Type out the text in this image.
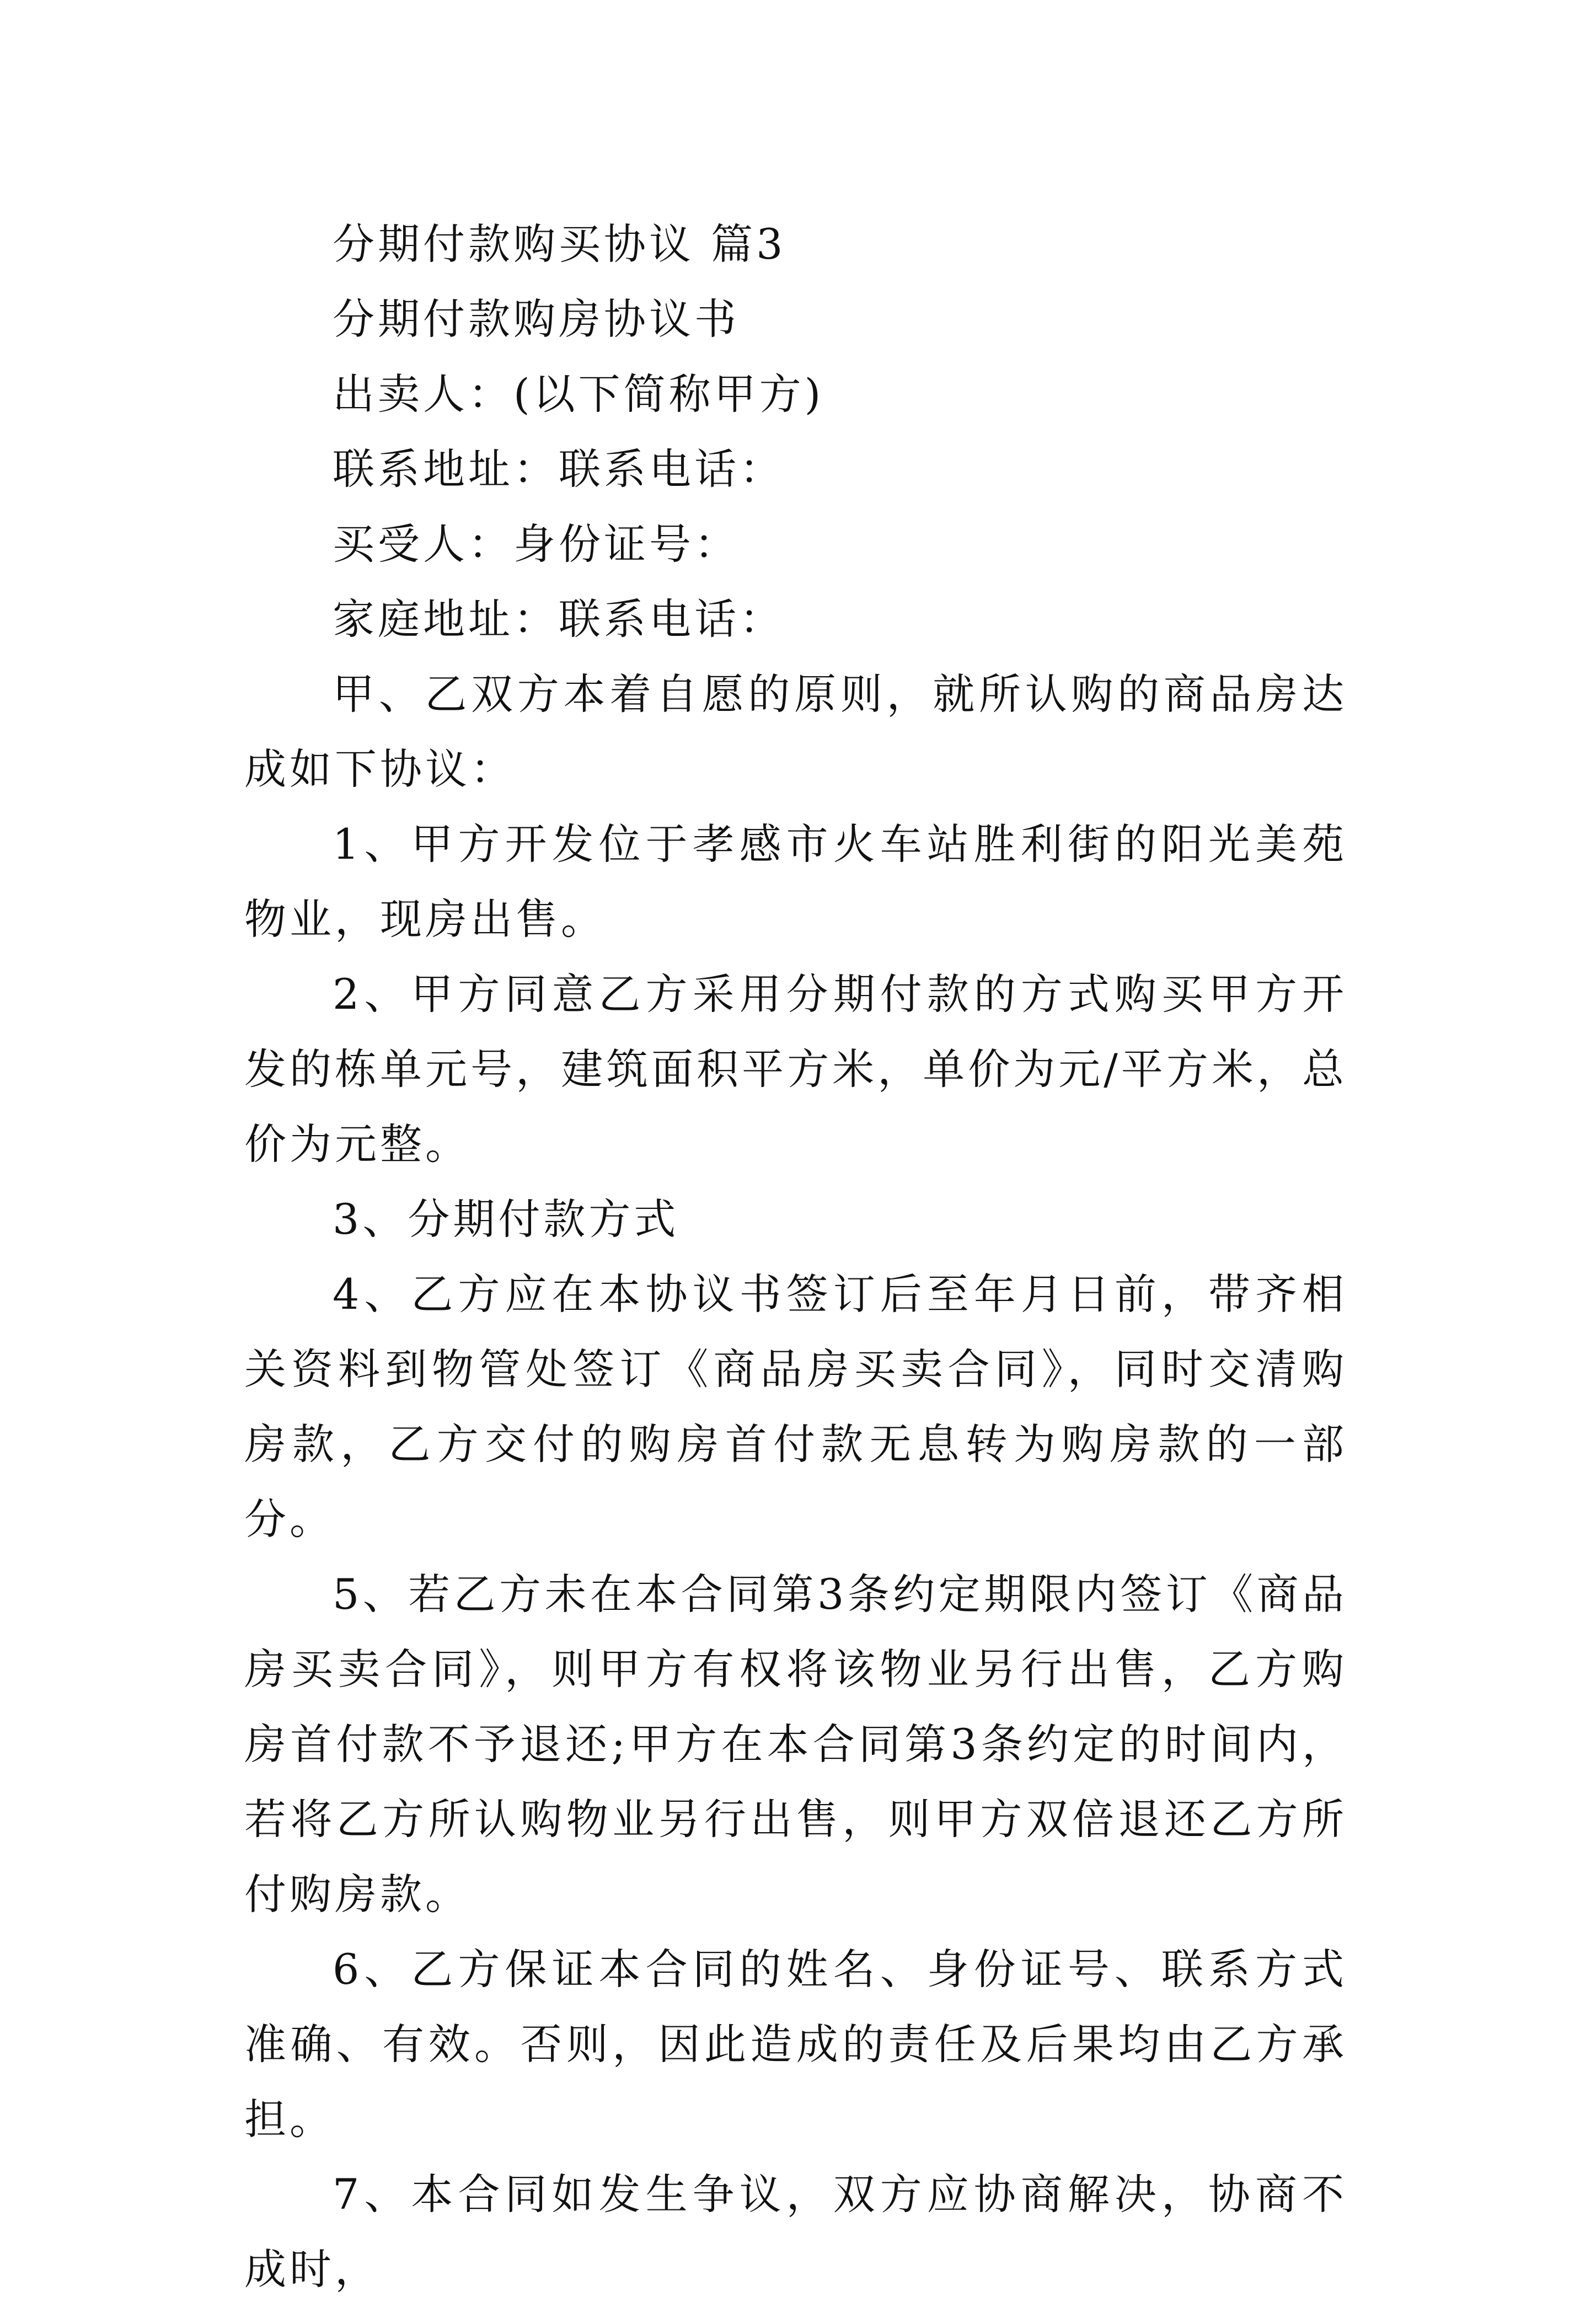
分期付款购买协议 篇3

分期付款购房协议书

出卖人：(以下简称甲方)

联系地址：联系电话：

买受人：身份证号：

家庭地址：联系电话：

甲、乙双方本着自愿的原则，就所认购的商品房达成如下协议：

1、甲方开发位于孝感市火车站胜利街的阳光美苑物业，现房出售。

2、甲方同意乙方采用分期付款的方式购买甲方开发的栋单元号，建筑面积平方米，单价为元/平方米，总价为元整。

3、分期付款方式

4、乙方应在本协议书签订后至年月日前，带齐相关资料到物管处签订《商品房买卖合同》，同时交清购房款，乙方交付的购房首付款无息转为购房款的一部分。

5、若乙方未在本合同第3条约定期限内签订《商品房买卖合同》，则甲方有权将该物业另行出售，乙方购房首付款不予退还;甲方在本合同第3条约定的时间内，若将乙方所认购物业另行出售，则甲方双倍退还乙方所付购房款。

6、乙方保证本合同的姓名、身份证号、联系方式准确、有效。否则，因此造成的责任及后果均由乙方承担。

7、本合同如发生争议，双方应协商解决，协商不成时，
